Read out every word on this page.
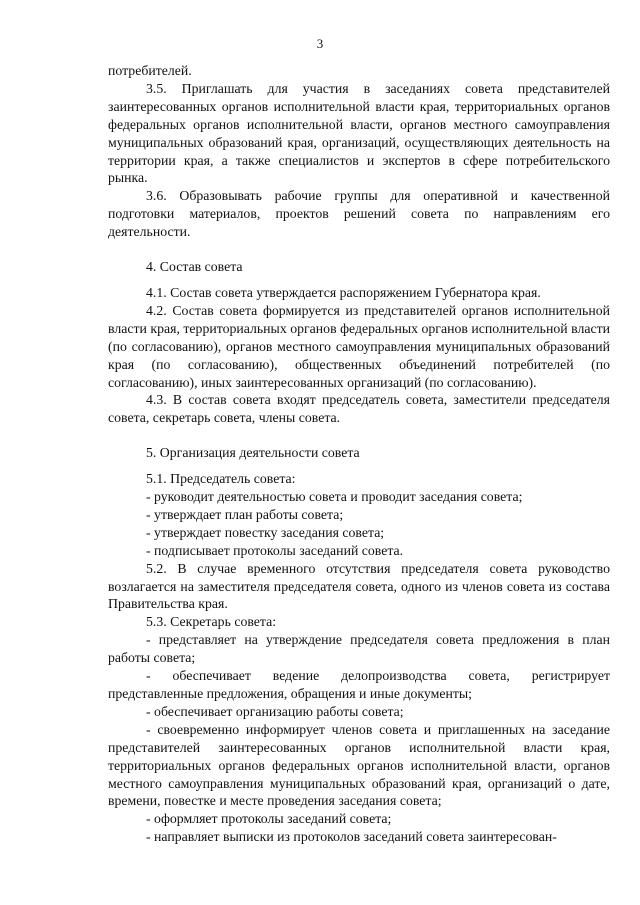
3

потребителей.

3.5. Приглашать для участия в заседаниях совета представителей заинтересованных органов исполнительной власти края, территориальных органов федеральных органов исполнительной власти, органов местного самоуправления муниципальных образований края, организаций, осуществляющих деятельность на территории края, а также специалистов и экспертов в сфере потребительского рынка.

3.6. Образовывать рабочие группы для оперативной и качественной подготовки материалов, проектов решений совета по направлениям его деятельности.

4. Состав совета

4.1. Состав совета утверждается распоряжением Губернатора края.

4.2. Состав совета формируется из представителей органов исполнительной власти края, территориальных органов федеральных органов исполнительной власти (по согласованию), органов местного самоуправления муниципальных образований края (по согласованию), общественных объединений потребителей (по согласованию), иных заинтересованных организаций (по согласованию).

4.3. В состав совета входят председатель совета, заместители председателя совета, секретарь совета, члены совета.

5. Организация деятельности совета

5.1. Председатель совета:

- руководит деятельностью совета и проводит заседания совета;

- утверждает план работы совета;

- утверждает повестку заседания совета;

- подписывает протоколы заседаний совета.

5.2. В случае временного отсутствия председателя совета руководство возлагается на заместителя председателя совета, одного из членов совета из состава Правительства края.

5.3. Секретарь совета:

- представляет на утверждение председателя совета предложения в план работы совета;

- обеспечивает ведение делопроизводства совета, регистрирует представленные предложения, обращения и иные документы;

- обеспечивает организацию работы совета;

- своевременно информирует членов совета и приглашенных на заседание представителей заинтересованных органов исполнительной власти края, территориальных органов федеральных органов исполнительной власти, органов местного самоуправления муниципальных образований края, организаций о дате, времени, повестке и месте проведения заседания совета;

- оформляет протоколы заседаний совета;

- направляет выписки из протоколов заседаний совета заинтересован-
